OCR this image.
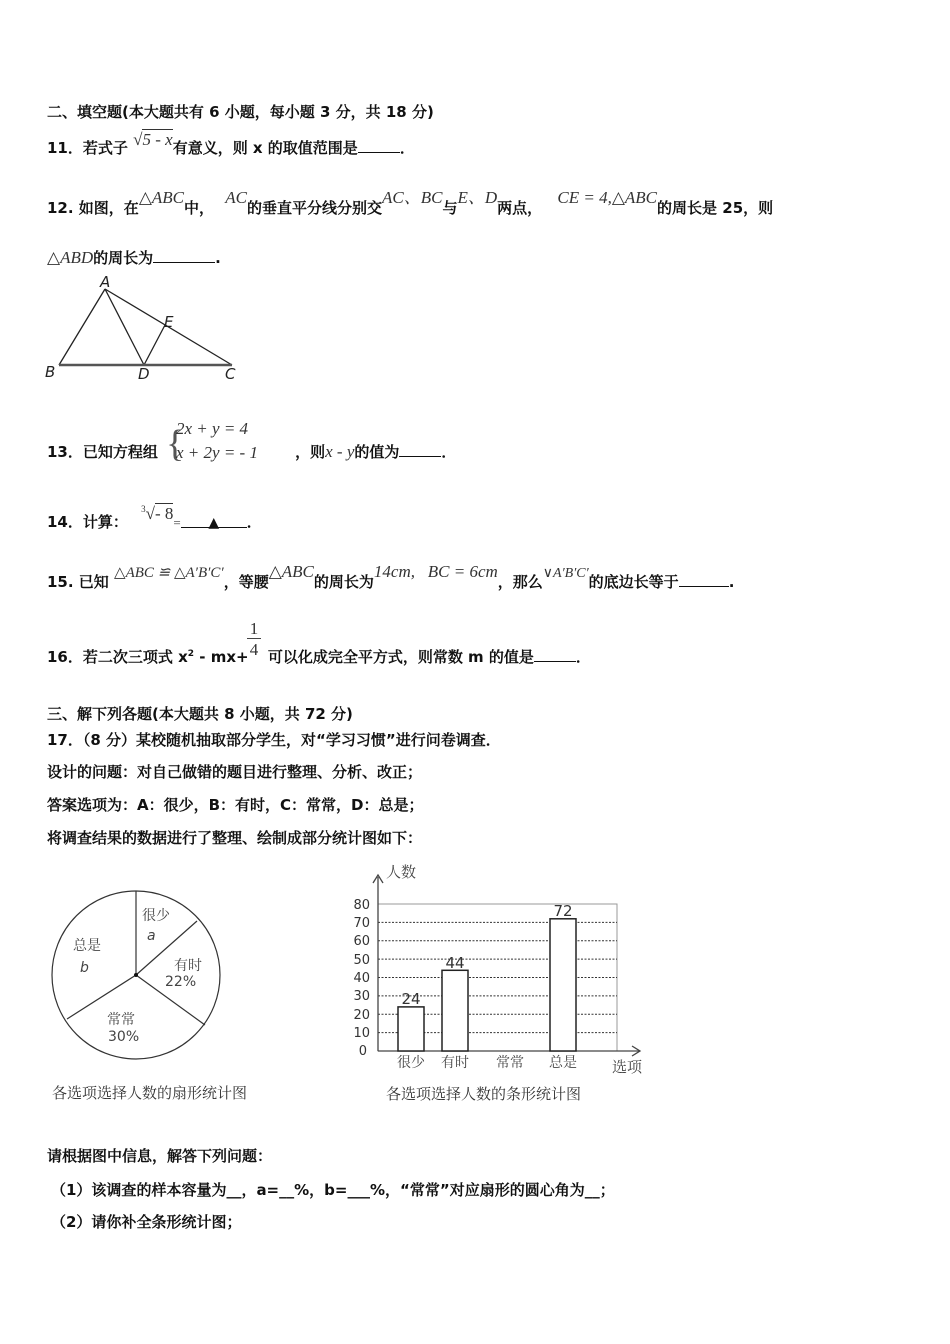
二、填空题(本大题共有 6 小题，每小题 3 分，共 18 分)
11．若式子 √5 - x有意义，则 x 的取值范围是	．
12. 如图，在△ABC中， AC的垂直平分线分别交AC、BC与E、D两点， CE = 4,△ABC的周长是 25，则
△ABD的周长为	.
A
B	C
D
E
13．已知方程组	，则x - y的值为	．
{
2x + y = 4
x + 2y = - 1
14．计算： $^3$√- 8= ▲ ．
15. 已知 △ABC ≌ △A′B′C′，等腰△ABC的周长为14cm,   BC = 6cm，那么∨A′B′C′的底边长等于	.
16．若二次三项式 $x^2 - mx+$ 可以化成完全平方式，则常数 m 的值是	．
1
4
三、解下列各题(本大题共 8 小题，共 72 分)
17．（8 分）某校随机抽取部分学生，对“学习习惯”进行问卷调查．
设计的问题：对自己做错的题目进行整理、分析、改正；
答案选项为：A：很少，B：有时，C：常常，D：总是；
将调查结果的数据进行了整理、绘制成部分统计图如下：
很少
a
有时
22%
常常
30%
总是
b
各选项选择人数的扇形统计图
0
10
20
30
40
50
60
70
80
24
44
72
很少 有时 常常 总是 选项
人数
各选项选择人数的条形统计图
请根据图中信息，解答下列问题：
（1）该调查的样本容量为__，a=__%，b=___%，“常常”对应扇形的圆心角为__；
（2）请你补全条形统计图；
